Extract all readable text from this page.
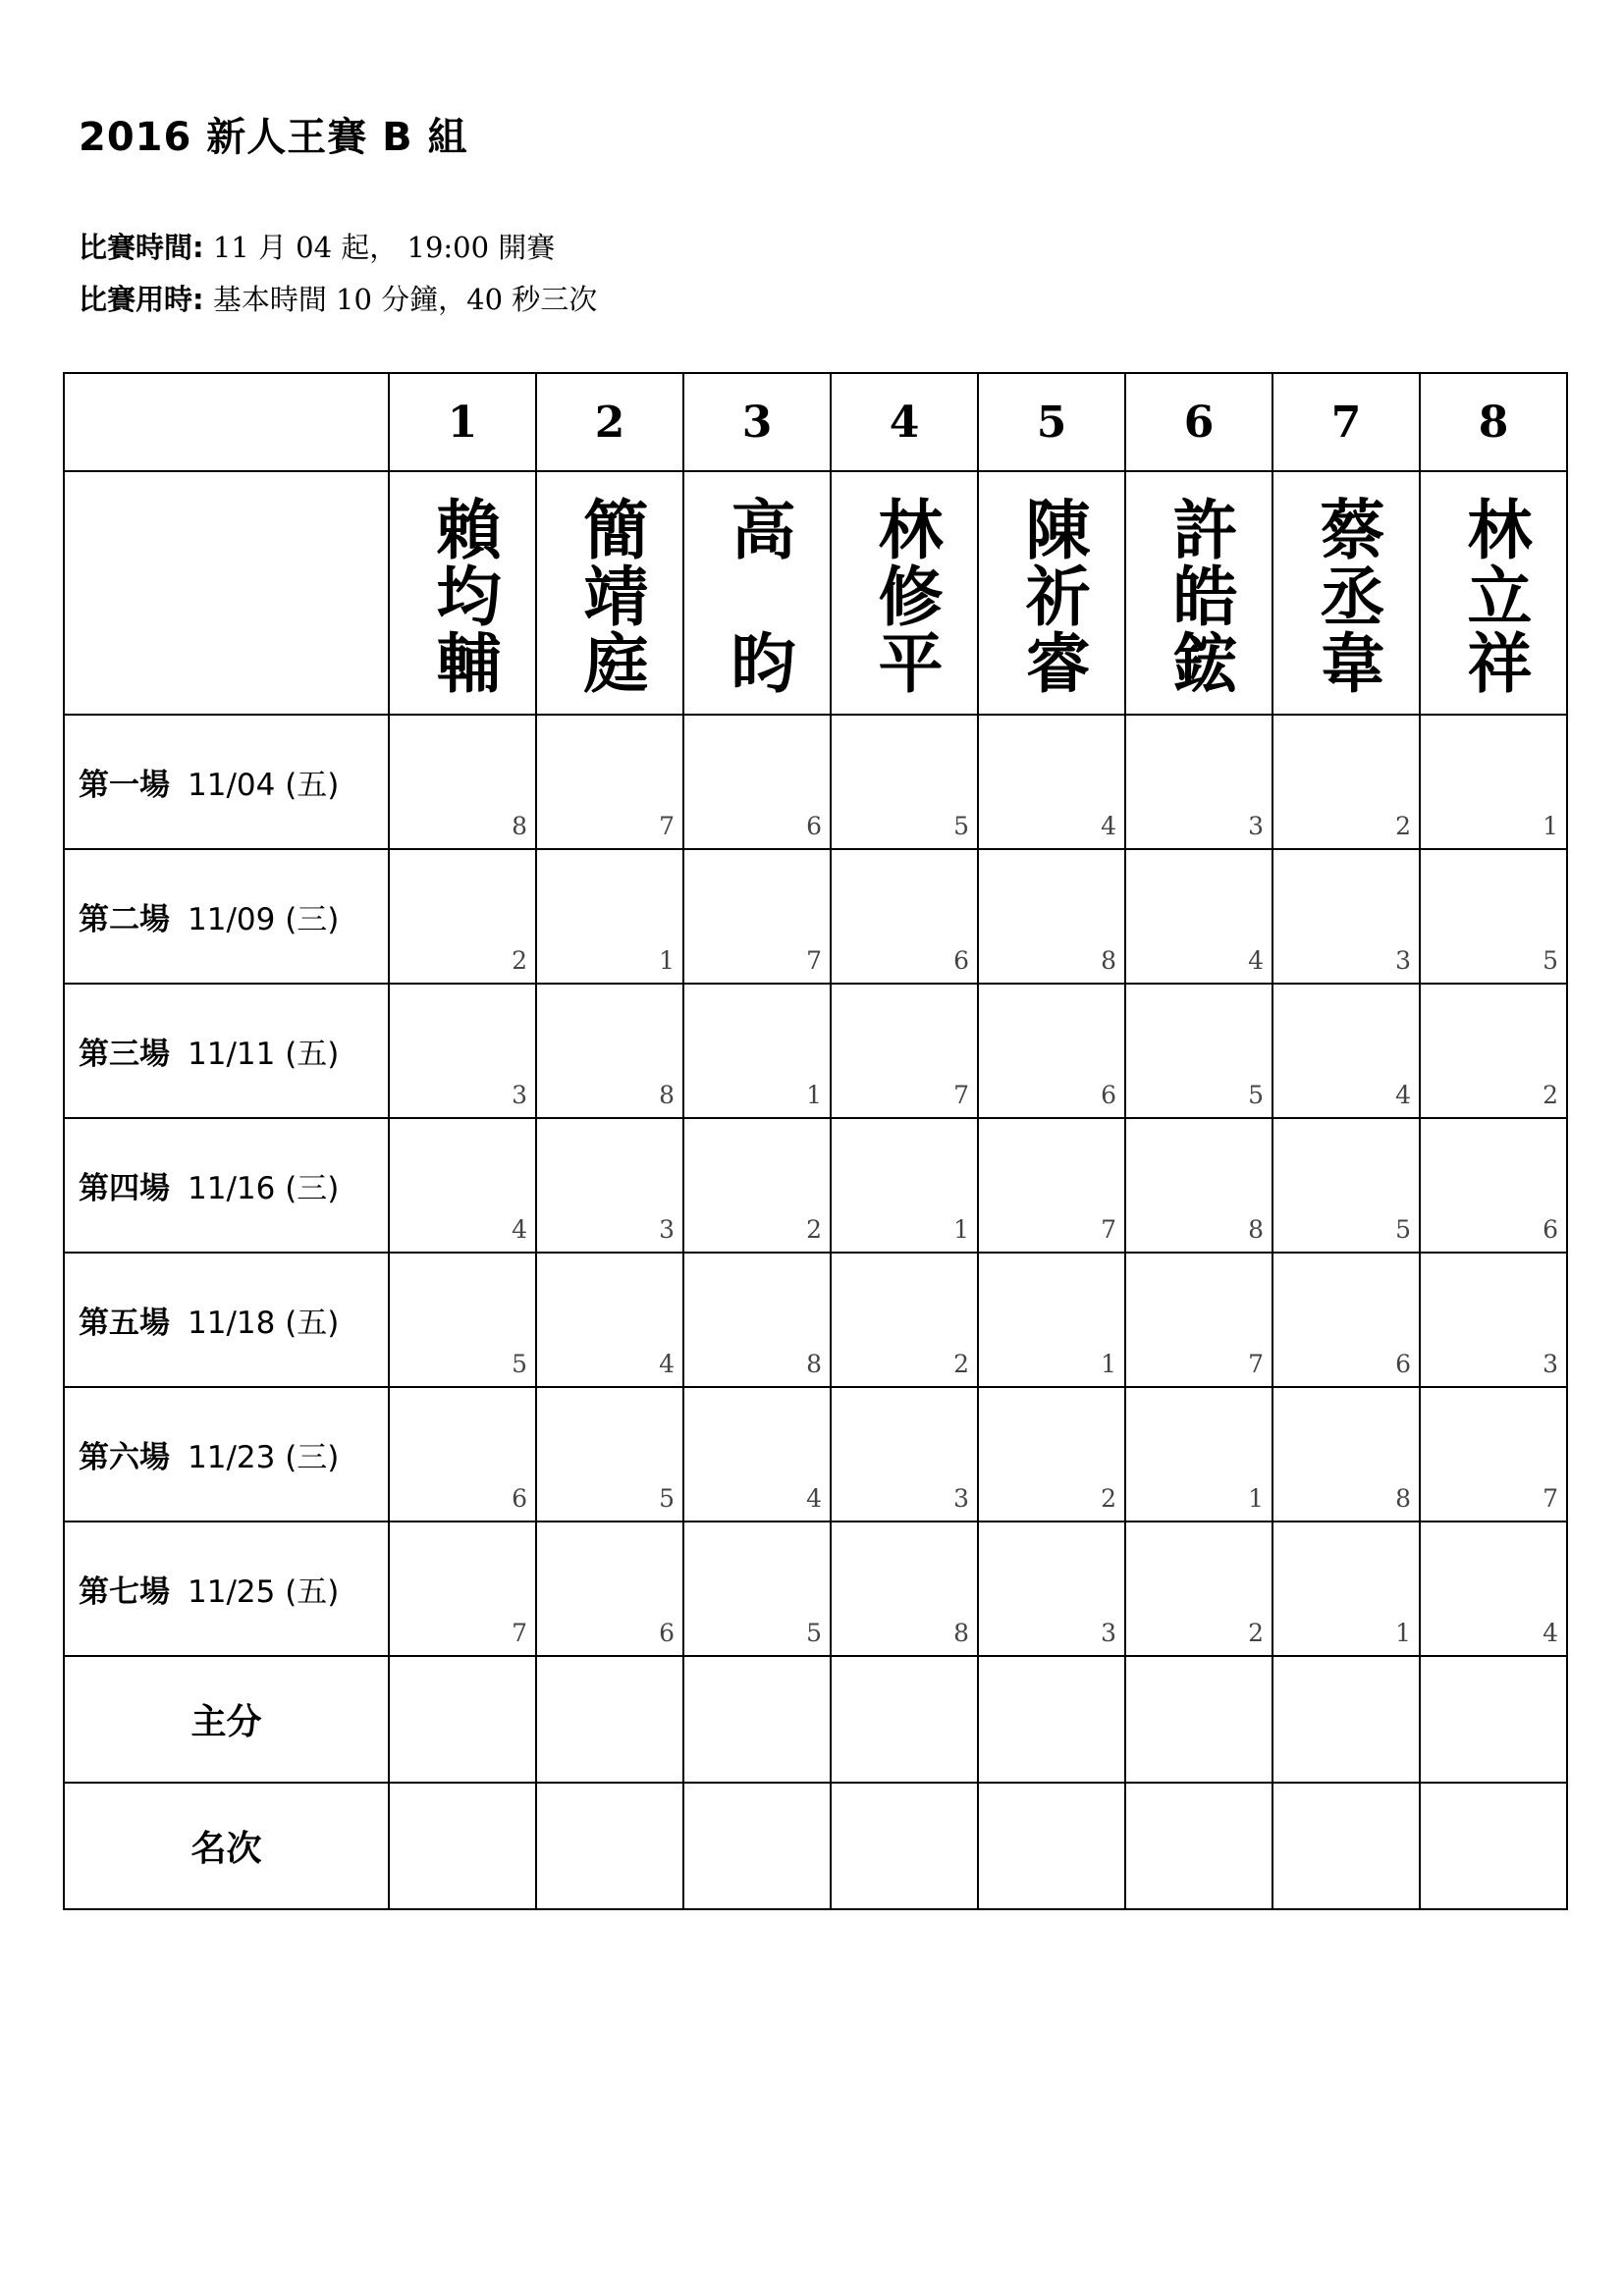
2016 新人王賽 B 組
比賽時間: 11 月 04 起， 19:00 開賽
比賽用時: 基本時間 10 分鐘，40 秒三次
	1	2	3	4	5	6	7	8
	賴均輔	簡靖庭	高　昀	林修平	陳祈睿	許皓鋐	蔡丞韋	林立祥
第一場 11/04 (五)	8	7	6	5	4	3	2	1
第二場 11/09 (三)	2	1	7	6	8	4	3	5
第三場 11/11 (五)	3	8	1	7	6	5	4	2
第四場 11/16 (三)	4	3	2	1	7	8	5	6
第五場 11/18 (五)	5	4	8	2	1	7	6	3
第六場 11/23 (三)	6	5	4	3	2	1	8	7
第七場 11/25 (五)	7	6	5	8	3	2	1	4
主分								
名次								
